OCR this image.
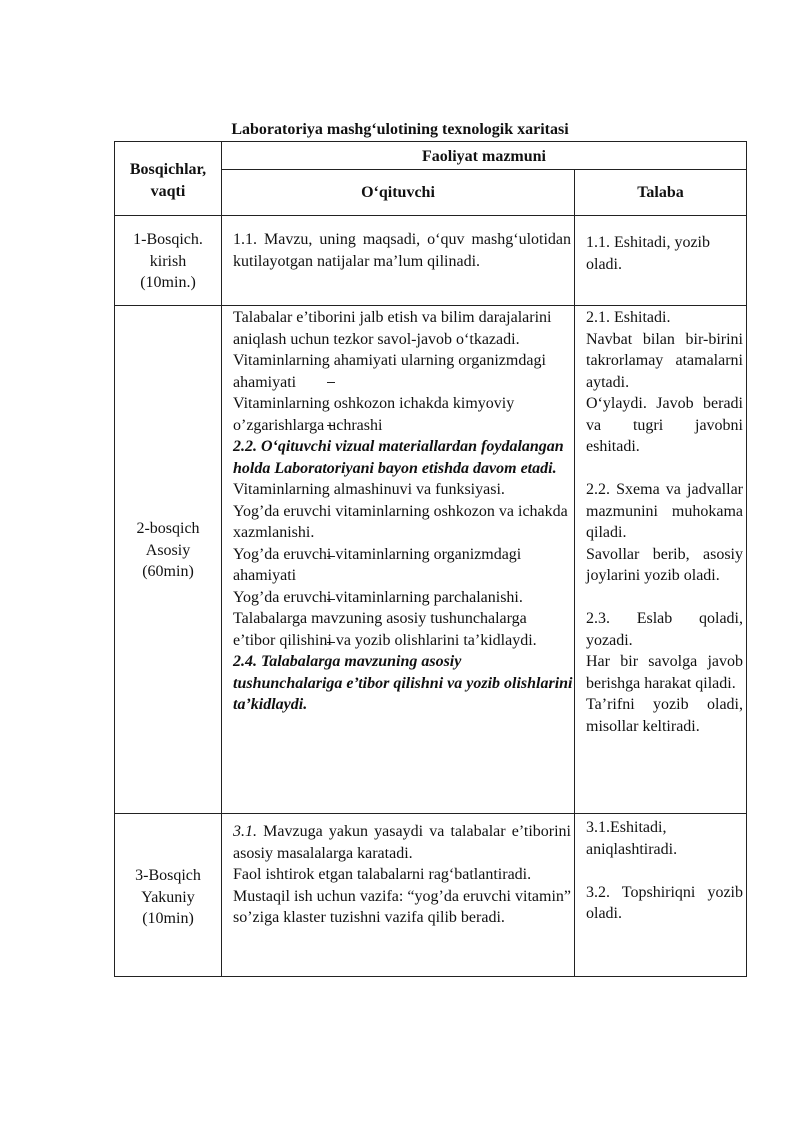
Laboratoriya mashg‘ulotining texnologik xaritasi
Bosqichlar, vaqti
Faoliyat mazmuni
O‘qituvchi	Talaba

1-Bosqich.

kirish

(10min.)

1.1. Mavzu, uning maqsadi, o‘quv mashg‘ulotidan kutilayotgan natijalar ma’lum qilinadi.

1.1. Eshitadi, yozib oladi.

2-bosqich

Asosiy

(60min)

Talabalar e’tiborini jalb etish va bilim darajalarini aniqlash uchun tezkor savol-javob o‘tkazadi.

Vitaminlarning ahamiyati ularning organizmdagi ahamiyati

Vitaminlarning oshkozon ichakda kimyoviy o’zgarishlarga uchrashi

2.2. O‘qituvchi vizual materiallardan foydalangan holda Laboratoriyani bayon etishda davom etadi.

Vitaminlarning almashinuvi va funksiyasi.

Yog’da eruvchi vitaminlarning oshkozon va ichakda xazmlanishi.

Yog’da eruvchi vitaminlarning organizmdagi ahamiyati

Yog’da eruvchi vitaminlarning parchalanishi.

Talabalarga mavzuning asosiy tushunchalarga e’tibor qilishini va yozib olishlarini ta’kidlaydi.

2.4. Talabalarga mavzuning asosiy tushunchalariga e’tibor qilishni va yozib olishlarini ta’kidlaydi.

2.1. Eshitadi.

Navbat bilan bir-birini takrorlamay atamalarni aytadi.

O‘ylaydi. Javob beradi va tugri javobni eshitadi.

2.2. Sxema va jadvallar mazmunini muhokama qiladi.

Savollar berib, asosiy joylarini yozib oladi.

2.3. Eslab qoladi, yozadi.

Har bir savolga javob berishga harakat qiladi.

Ta’rifni yozib oladi, misollar keltiradi.

3-Bosqich

Yakuniy

(10min)

3.1. Mavzuga yakun yasaydi va talabalar e’tiborini asosiy masalalarga karatadi.

Faol ishtirok etgan talabalarni rag‘batlantiradi.

Mustaqil ish uchun vazifa: “yog’da eruvchi vitamin” so’ziga klaster tuzishni vazifa qilib beradi.

3.1.Eshitadi, aniqlashtiradi.

3.2. Topshiriqni yozib oladi.
